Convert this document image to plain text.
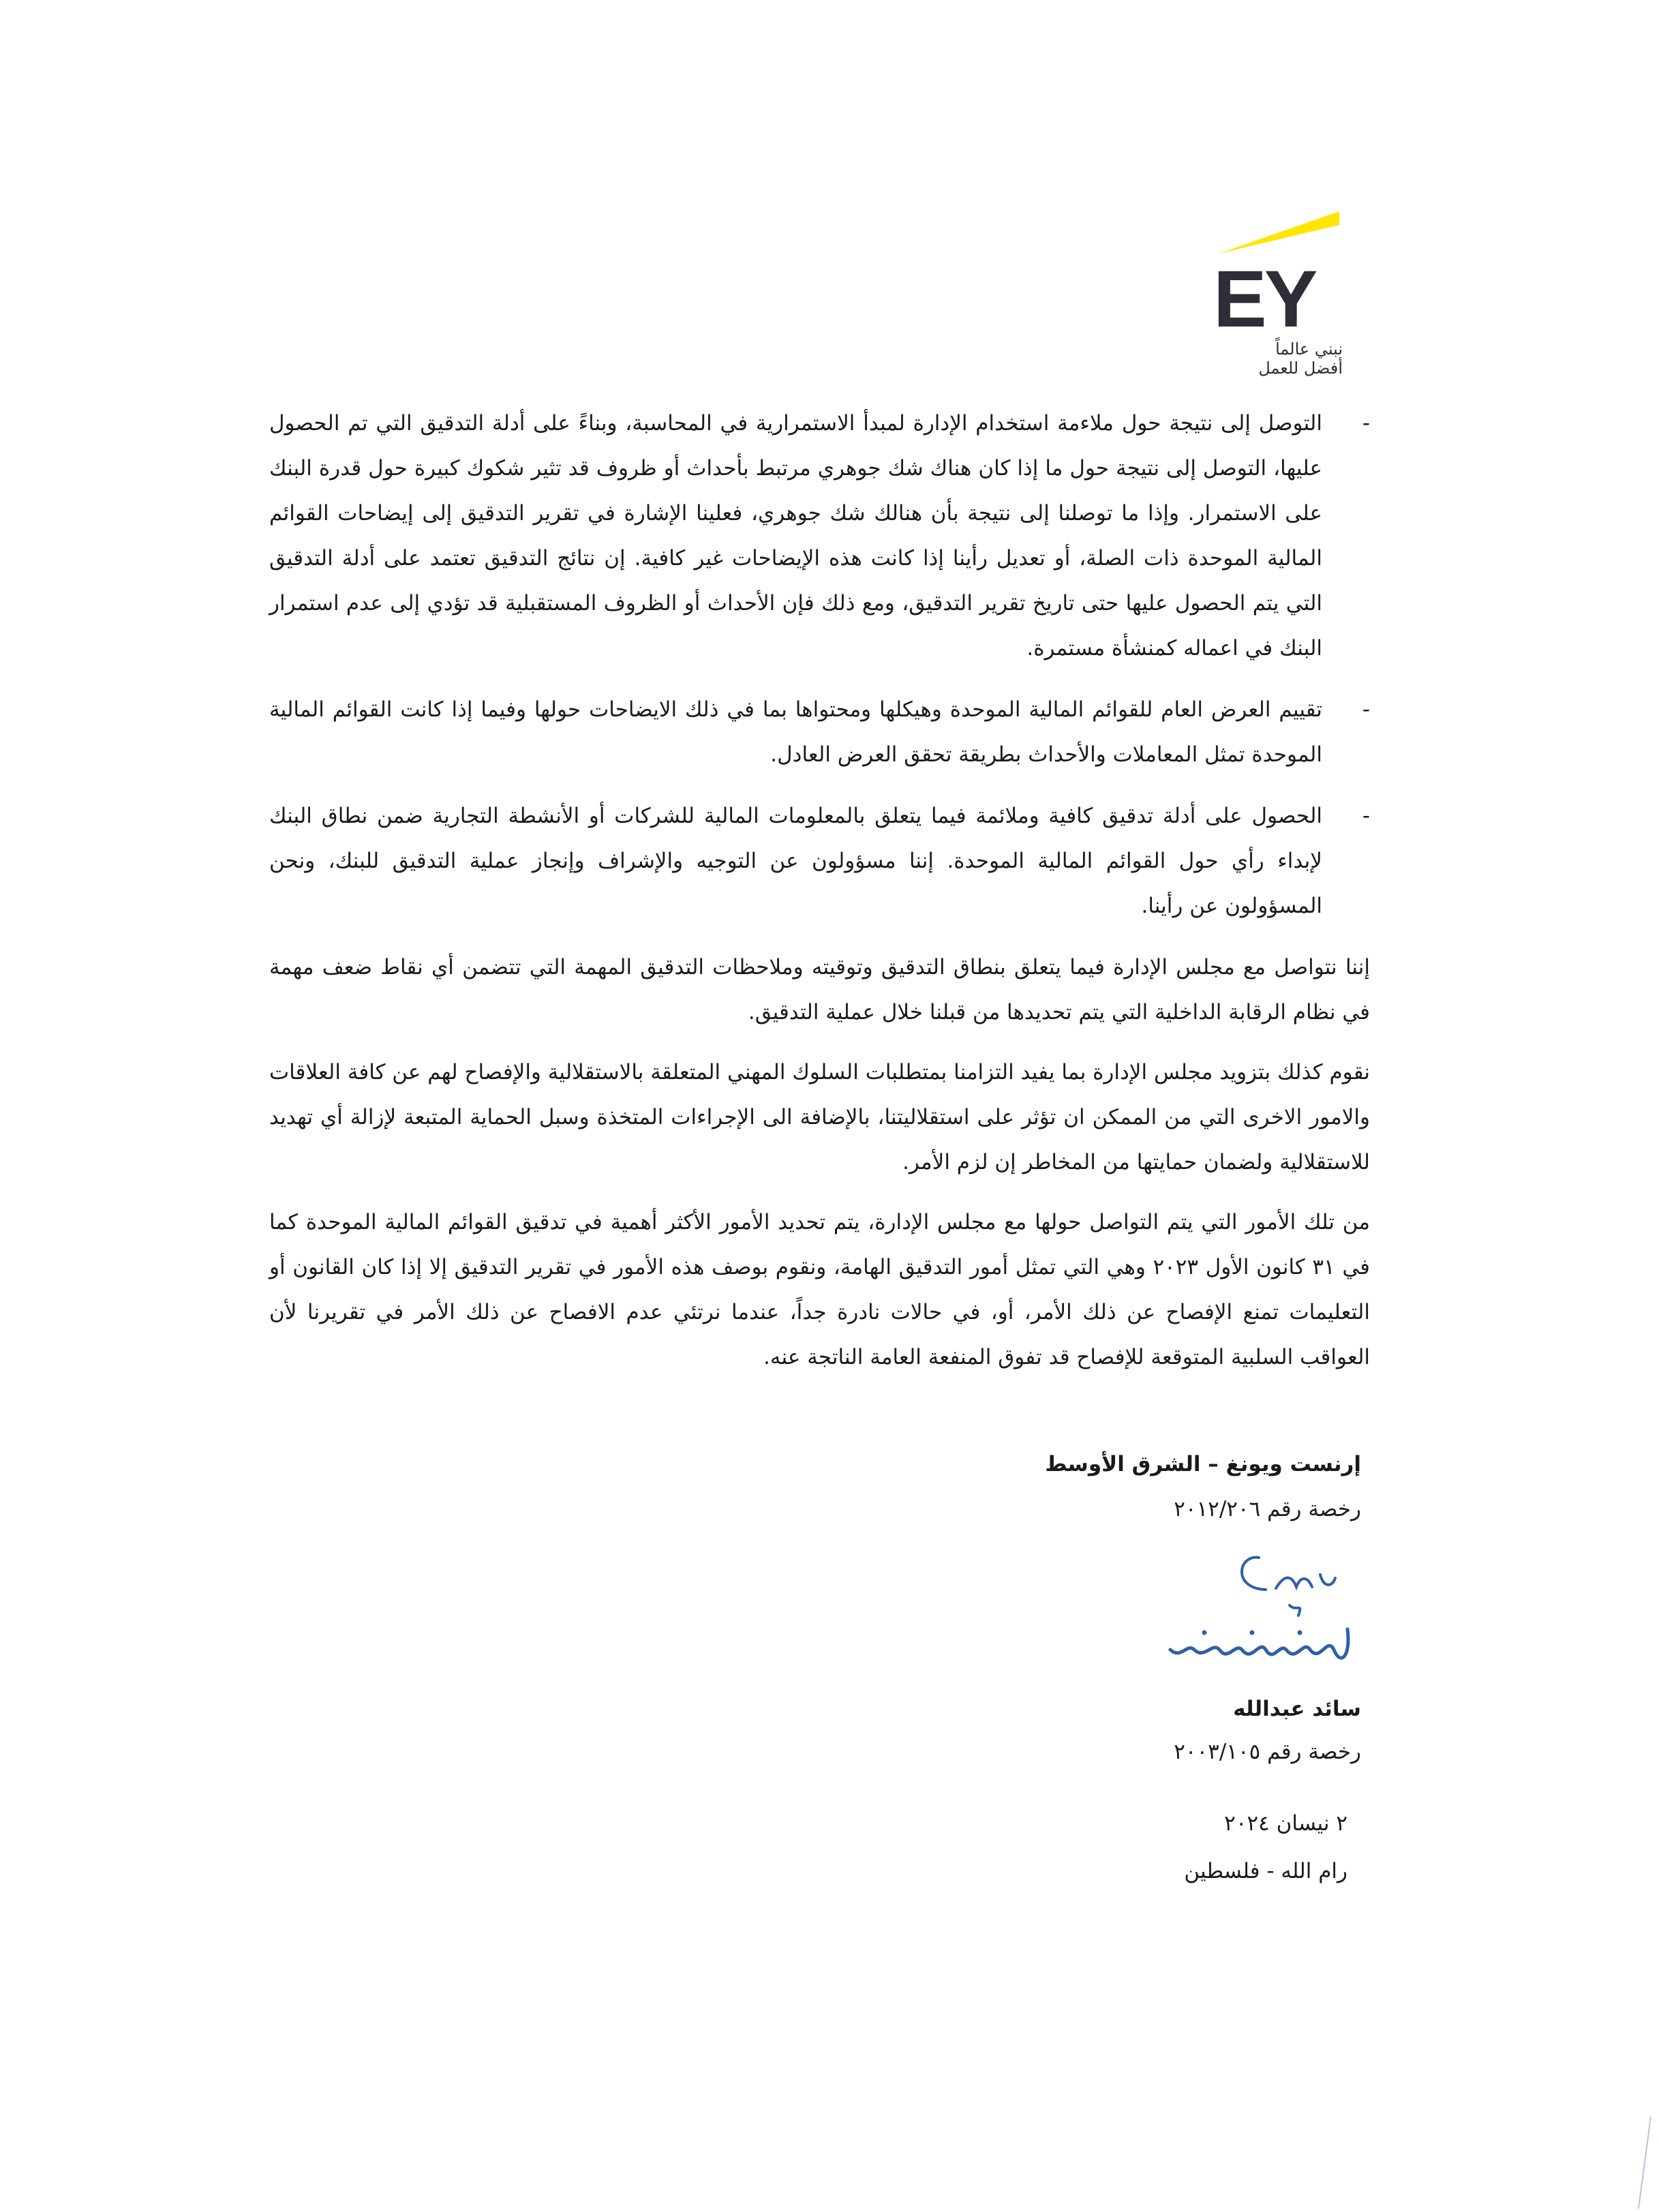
EY
نبني عالماً
أفضل للعمل
-
التوصل إلى نتيجة حول ملاءمة استخدام الإدارة لمبدأ الاستمرارية في المحاسبة، وبناءً على أدلة التدقيق التي تم الحصول عليها، التوصل إلى نتيجة حول ما إذا كان هناك شك جوهري مرتبط بأحداث أو ظروف قد تثير شكوك كبيرة حول قدرة البنك على الاستمرار. وإذا ما توصلنا إلى نتيجة بأن هنالك شك جوهري، فعلينا الإشارة في تقرير التدقيق إلى إيضاحات القوائم المالية الموحدة ذات الصلة، أو تعديل رأينا إذا كانت هذه الإيضاحات غير كافية. إن نتائج التدقيق تعتمد على أدلة التدقيق التي يتم الحصول عليها حتى تاريخ تقرير التدقيق، ومع ذلك فإن الأحداث أو الظروف المستقبلية قد تؤدي إلى عدم استمرار البنك في اعماله كمنشأة مستمرة.
-
تقييم العرض العام للقوائم المالية الموحدة وهيكلها ومحتواها بما في ذلك الايضاحات حولها وفيما إذا كانت القوائم المالية الموحدة تمثل المعاملات والأحداث بطريقة تحقق العرض العادل.
-
الحصول على أدلة تدقيق كافية وملائمة فيما يتعلق بالمعلومات المالية للشركات أو الأنشطة التجارية ضمن نطاق البنك لإبداء رأي حول القوائم المالية الموحدة. إننا مسؤولون عن التوجيه والإشراف وإنجاز عملية التدقيق للبنك، ونحن المسؤولون عن رأينا.

إننا نتواصل مع مجلس الإدارة فيما يتعلق بنطاق التدقيق وتوقيته وملاحظات التدقيق المهمة التي تتضمن أي نقاط ضعف مهمة في نظام الرقابة الداخلية التي يتم تحديدها من قبلنا خلال عملية التدقيق.

نقوم كذلك بتزويد مجلس الإدارة بما يفيد التزامنا بمتطلبات السلوك المهني المتعلقة بالاستقلالية والإفصاح لهم عن كافة العلاقات والامور الاخرى التي من الممكن ان تؤثر على استقلاليتنا، بالإضافة الى الإجراءات المتخذة وسبل الحماية المتبعة لإزالة أي تهديد للاستقلالية ولضمان حمايتها من المخاطر إن لزم الأمر.

من تلك الأمور التي يتم التواصل حولها مع مجلس الإدارة، يتم تحديد الأمور الأكثر أهمية في تدقيق القوائم المالية الموحدة كما في ٣١ كانون الأول ٢٠٢٣ وهي التي تمثل أمور التدقيق الهامة، ونقوم بوصف هذه الأمور في تقرير التدقيق إلا إذا كان القانون أو التعليمات تمنع الإفصاح عن ذلك الأمر، أو، في حالات نادرة جداً، عندما نرتئي عدم الافصاح عن ذلك الأمر في تقريرنا لأن العواقب السلبية المتوقعة للإفصاح قد تفوق المنفعة العامة الناتجة عنه.

إرنست ويونغ – الشرق الأوسط
رخصة رقم ٢٠١٢/٢٠٦
سائد عبدالله
رخصة رقم ٢٠٠٣/١٠٥
٢ نيسان ٢٠٢٤
رام الله - فلسطين
